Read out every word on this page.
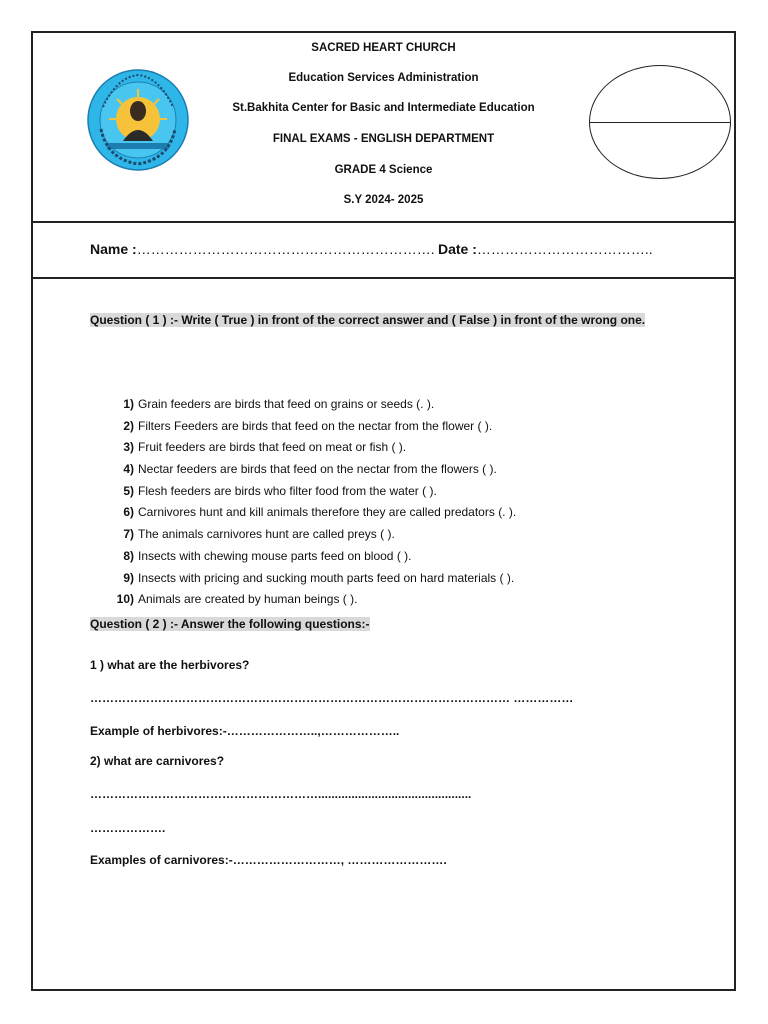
SACRED HEART CHURCH
Education Services Administration
St.Bakhita Center for Basic and Intermediate Education
FINAL EXAMS - ENGLISH DEPARTMENT
GRADE 4 Science
S.Y 2024- 2025
Name :………………………………………………………. Date :………………………………..
Question ( 1 ) :- Write ( True ) in front of the correct answer and ( False ) in front of the wrong one.
1) Grain feeders are birds that feed on grains or seeds (. ).
2) Filters Feeders are birds that feed on the nectar from the flower ( ).
3) Fruit feeders are birds that feed on meat or fish ( ).
4) Nectar feeders are birds that feed on the nectar from the flowers ( ).
5) Flesh feeders are birds who filter food from the water ( ).
6) Carnivores hunt and kill animals therefore they are called predators (. ).
7) The animals carnivores hunt are called preys ( ).
8) Insects with chewing mouse parts feed on blood ( ).
9) Insects with pricing and sucking mouth parts feed on hard materials ( ).
10) Animals are created by human beings ( ).
Question ( 2 ) :- Answer the following questions:-
1 ) what are the herbivores?
…………………………………………………………………………………………… ……………
Example of herbivores:-…………………..,………………..
2) what are carnivores?
…………………………………………………..............................................
……………….
Examples of carnivores:-………………………, …………………….
